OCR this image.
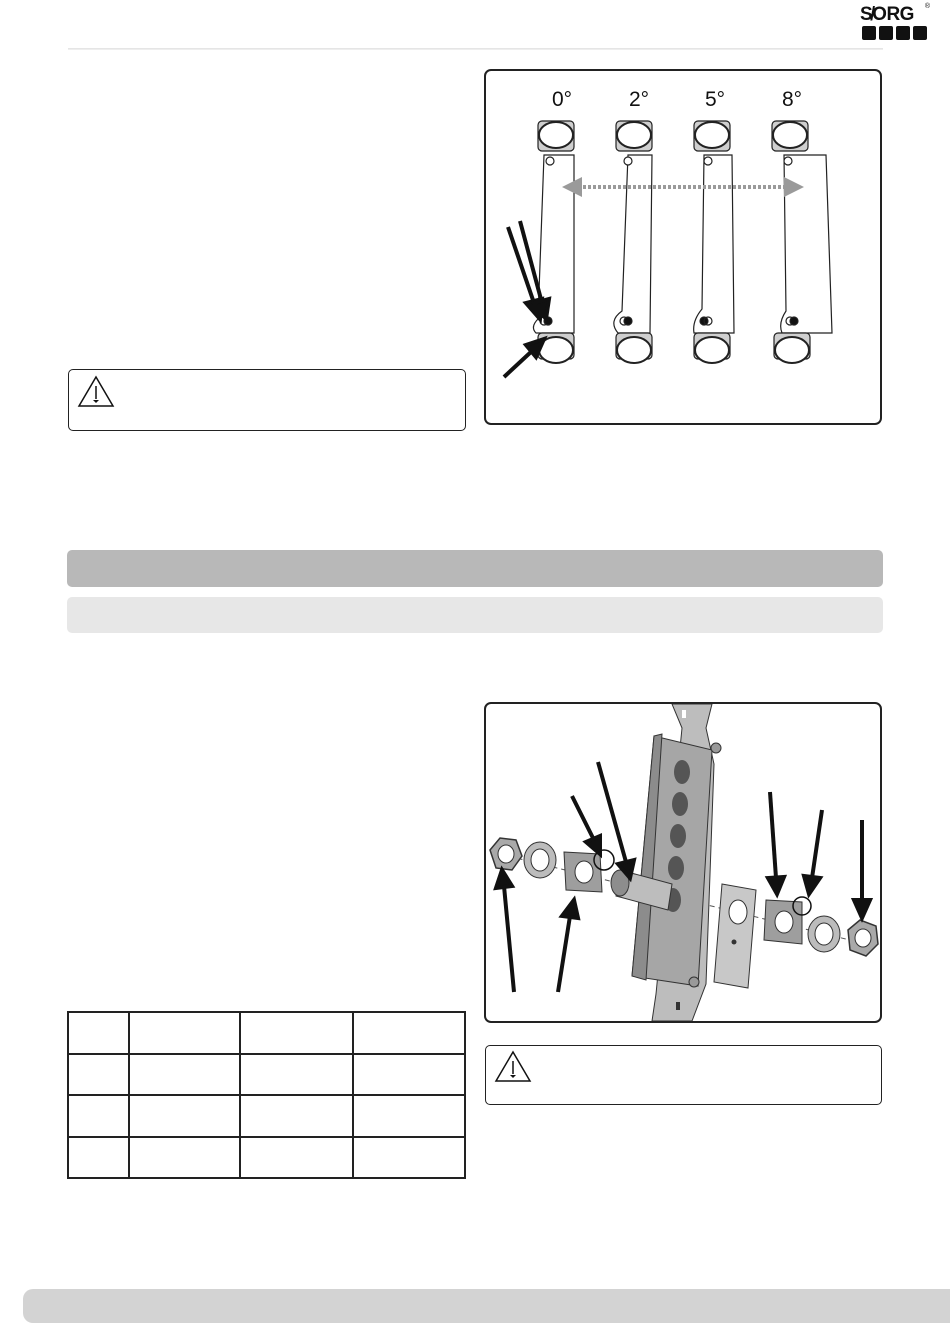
S̸ORG ®
0°	2°	5°	8°
